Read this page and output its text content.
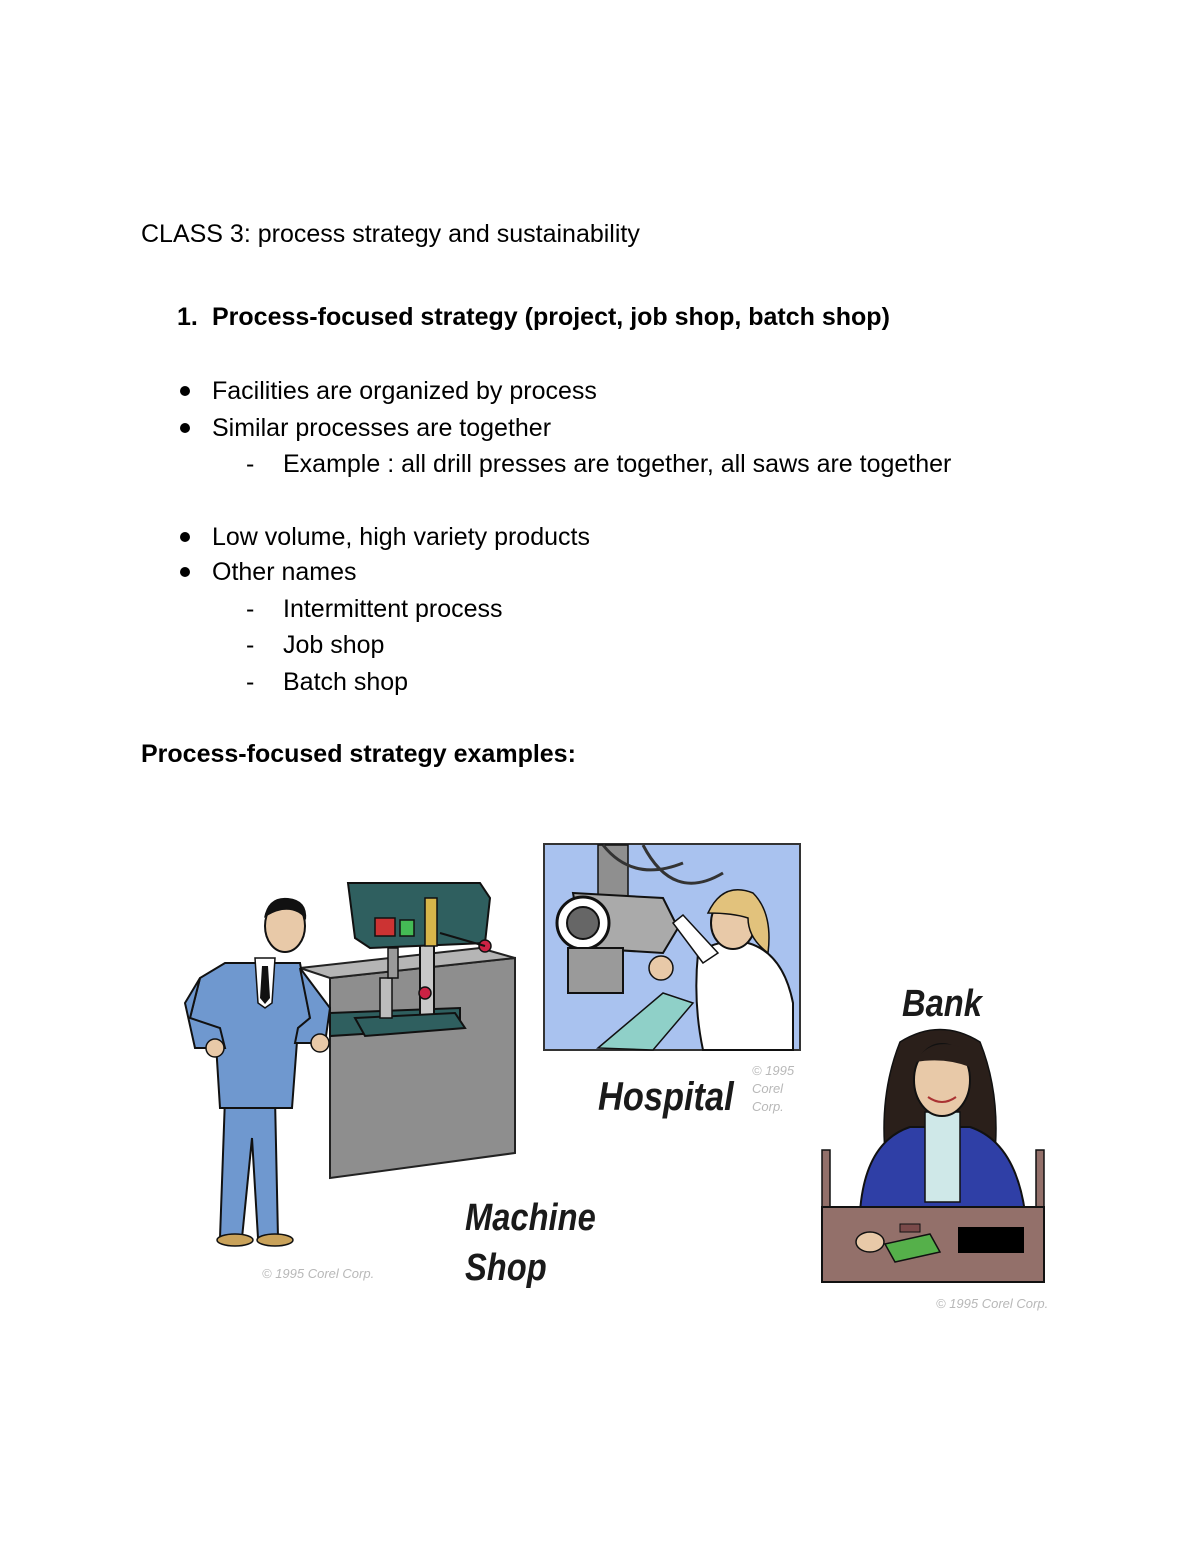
CLASS 3: process strategy and sustainability
1. Process-focused strategy (project, job shop, batch shop)
Facilities are organized by process
Similar processes are together
- Example : all drill presses are together, all saws are together
Low volume, high variety products
Other names
- Intermittent process
- Job shop
- Batch shop
Process-focused strategy examples:
© 1995 Corel Corp.
Machine
Shop
Hospital
© 1995
Corel
Corp.
Bank
© 1995 Corel Corp.
